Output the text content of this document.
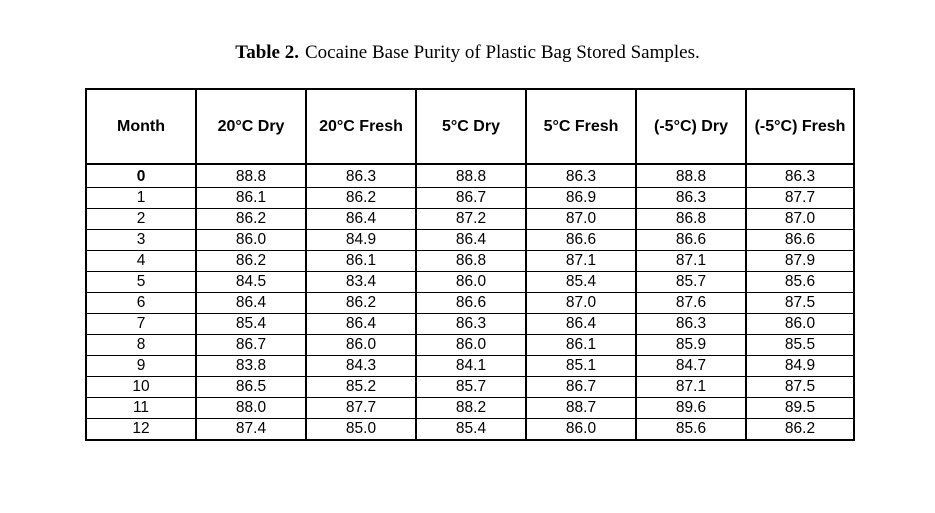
Table 2. Cocaine Base Purity of Plastic Bag Stored Samples.
Month	20°C Dry	20°C Fresh	5°C Dry	5°C Fresh	(-5°C) Dry	(-5°C) Fresh
0	88.8	86.3	88.8	86.3	88.8	86.3
1	86.1	86.2	86.7	86.9	86.3	87.7
2	86.2	86.4	87.2	87.0	86.8	87.0
3	86.0	84.9	86.4	86.6	86.6	86.6
4	86.2	86.1	86.8	87.1	87.1	87.9
5	84.5	83.4	86.0	85.4	85.7	85.6
6	86.4	86.2	86.6	87.0	87.6	87.5
7	85.4	86.4	86.3	86.4	86.3	86.0
8	86.7	86.0	86.0	86.1	85.9	85.5
9	83.8	84.3	84.1	85.1	84.7	84.9
10	86.5	85.2	85.7	86.7	87.1	87.5
11	88.0	87.7	88.2	88.7	89.6	89.5
12	87.4	85.0	85.4	86.0	85.6	86.2
